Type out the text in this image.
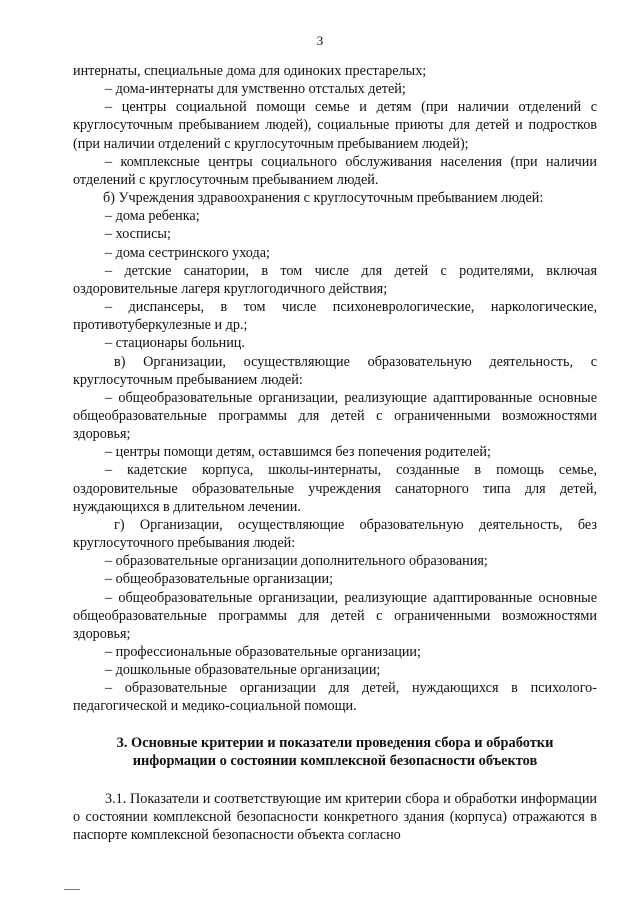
3

интернаты, специальные дома для одиноких престарелых;

– дома-интернаты для умственно отсталых детей;

– центры социальной помощи семье и детям (при наличии отделений с круглосуточным пребыванием людей), социальные приюты для детей и подростков (при наличии отделений с круглосуточным пребыванием людей);

– комплексные центры социального обслуживания населения (при наличии отделений с круглосуточным пребыванием людей.

б) Учреждения здравоохранения с круглосуточным пребыванием людей:

– дома ребенка;

– хосписы;

– дома сестринского ухода;

– детские санатории, в том числе для детей с родителями, включая оздоровительные лагеря круглогодичного действия;

– диспансеры, в том числе психоневрологические, наркологические, противотуберкулезные и др.;

– стационары больниц.

в) Организации, осуществляющие образовательную деятельность, с круглосуточным пребыванием людей:

– общеобразовательные организации, реализующие адаптированные основные общеобразовательные программы для детей с ограниченными возможностями здоровья;

– центры помощи детям, оставшимся без попечения родителей;

– кадетские корпуса, школы-интернаты, созданные в помощь семье, оздоровительные образовательные учреждения санаторного типа для детей, нуждающихся в длительном лечении.

г) Организации, осуществляющие образовательную деятельность, без круглосуточного пребывания людей:

– образовательные организации дополнительного образования;

– общеобразовательные организации;

– общеобразовательные организации, реализующие адаптированные основные общеобразовательные программы для детей с ограниченными возможностями здоровья;

– профессиональные образовательные организации;

– дошкольные образовательные организации;

– образовательные организации для детей, нуждающихся в психолого-педагогической и медико-социальной помощи.

3. Основные критерии и показатели проведения сбора и обработки информации о состоянии комплексной безопасности объектов

3.1. Показатели и соответствующие им критерии сбора и обработки информации о состоянии комплексной безопасности конкретного здания (корпуса) отражаются в паспорте комплексной безопасности объекта согласно
